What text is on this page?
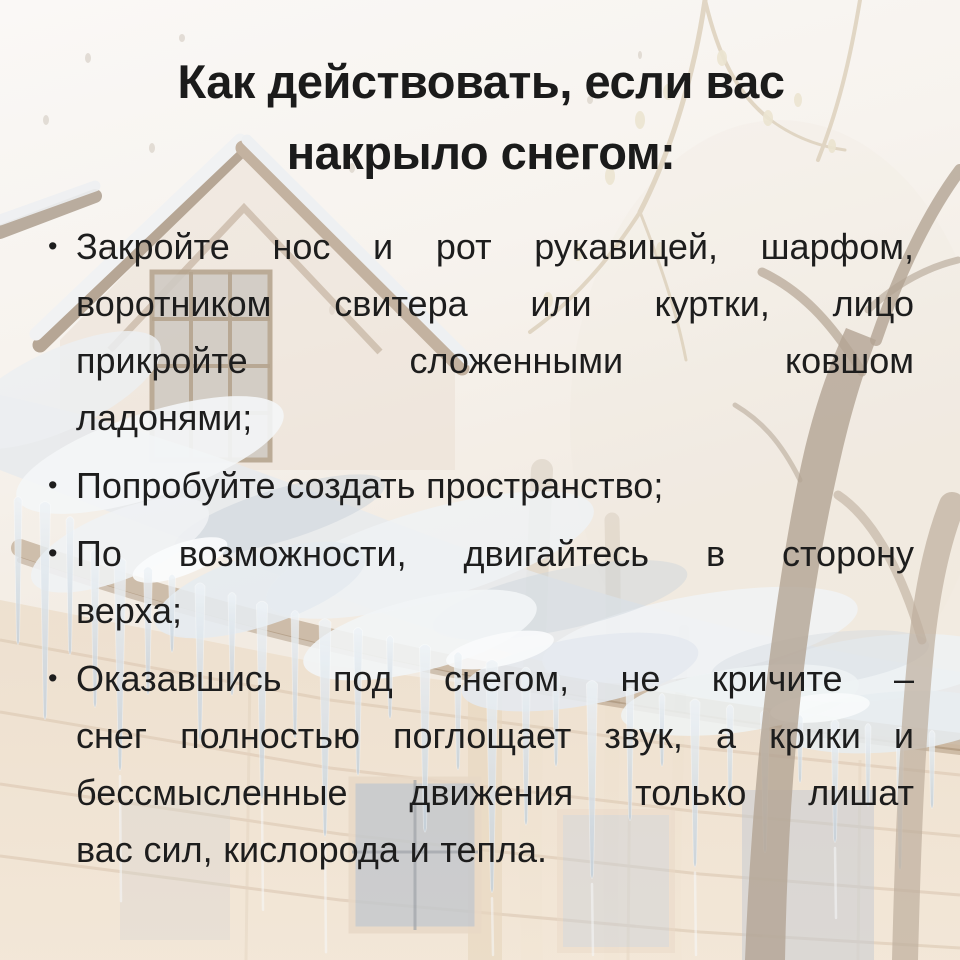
Как действовать, если вас
накрыло снегом:
• Закройте нос и рот рукавицей, шарфом,
воротником свитера или куртки, лицо
прикройте сложенными ковшом
ладонями;
• Попробуйте создать пространство;
• По возможности, двигайтесь в сторону
верха;
• Оказавшись под снегом, не кричите –
снег полностью поглощает звук, а крики и
бессмысленные движения только лишат
вас сил, кислорода и тепла.
